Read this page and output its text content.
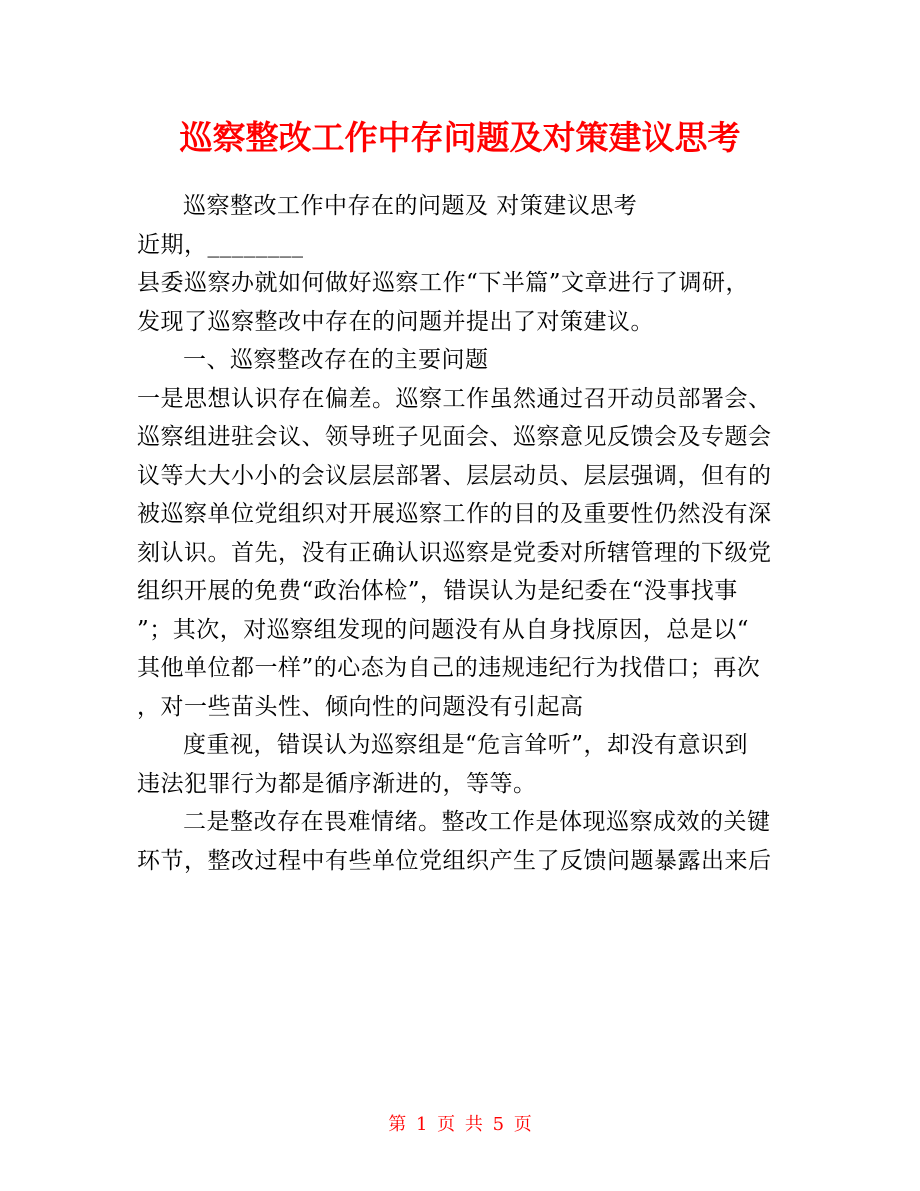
巡察整改工作中存问题及对策建议思考
巡察整改工作中存在的问题及 对策建议思考
近期，________
县委巡察办就如何做好巡察工作“下半篇”文章进行了调研，
发现了巡察整改中存在的问题并提出了对策建议。
一、巡察整改存在的主要问题
一是思想认识存在偏差。巡察工作虽然通过召开动员部署会、
巡察组进驻会议、领导班子见面会、巡察意见反馈会及专题会
议等大大小小的会议层层部署、层层动员、层层强调，但有的
被巡察单位党组织对开展巡察工作的目的及重要性仍然没有深
刻认识。首先，没有正确认识巡察是党委对所辖管理的下级党
组织开展的免费“政治体检”，错误认为是纪委在“没事找事
”；其次，对巡察组发现的问题没有从自身找原因，总是以“
其他单位都一样”的心态为自己的违规违纪行为找借口；再次
，对一些苗头性、倾向性的问题没有引起高
度重视，错误认为巡察组是“危言耸听”，却没有意识到
违法犯罪行为都是循序渐进的，等等。
二是整改存在畏难情绪。整改工作是体现巡察成效的关键
环节，整改过程中有些单位党组织产生了反馈问题暴露出来后
第 1 页 共 5 页
